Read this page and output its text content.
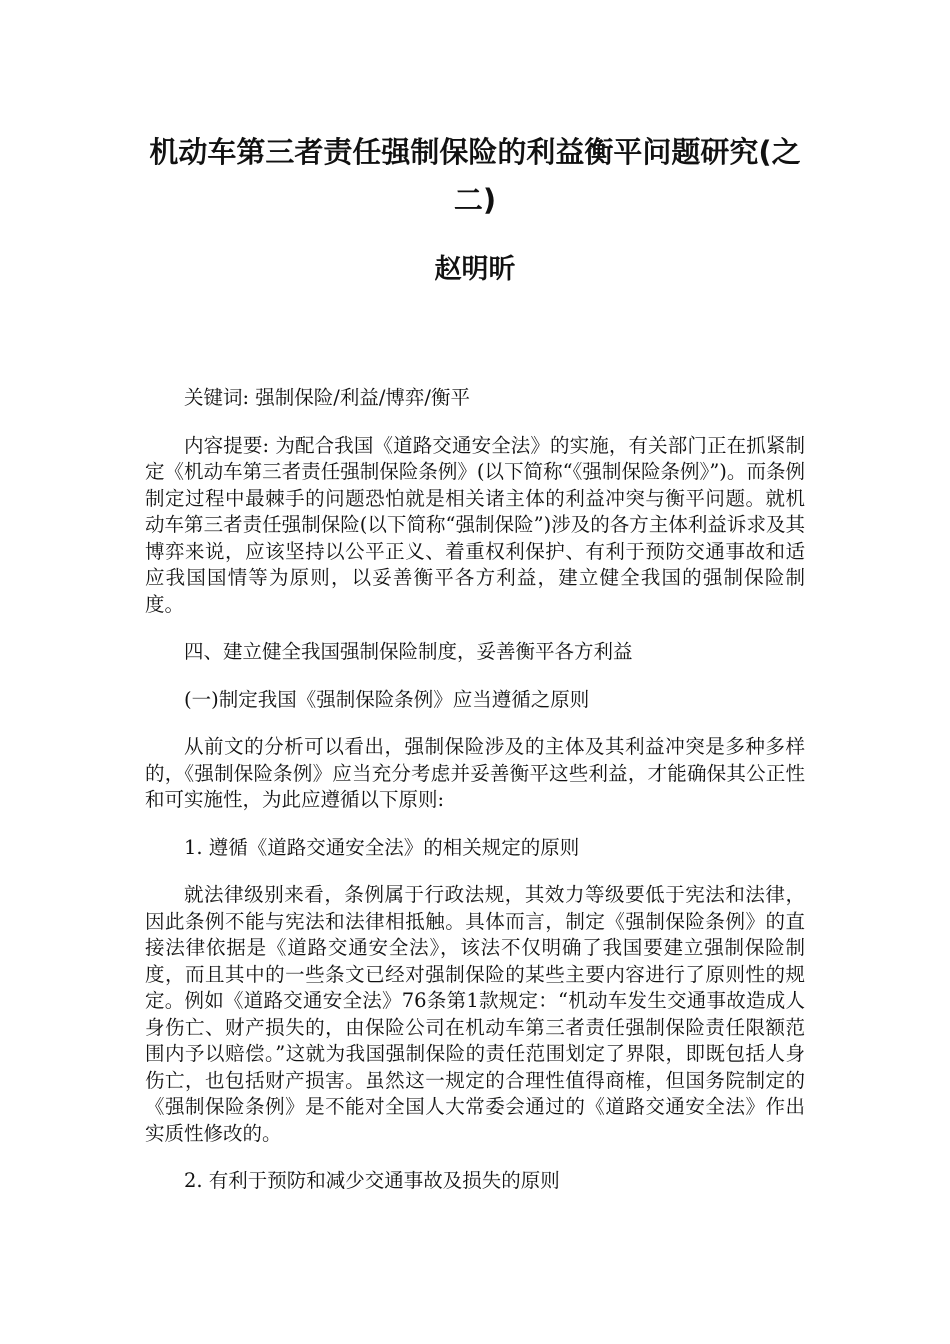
机动车第三者责任强制保险的利益衡平问题研究(之二)
赵明昕

关键词: 强制保险/利益/博弈/衡平

内容提要: 为配合我国《道路交通安全法》的实施，有关部门正在抓紧制定《机动车第三者责任强制保险条例》(以下简称“《强制保险条例》”)。而条例制定过程中最棘手的问题恐怕就是相关诸主体的利益冲突与衡平问题。就机动车第三者责任强制保险(以下简称“强制保险”)涉及的各方主体利益诉求及其博弈来说，应该坚持以公平正义、着重权利保护、有利于预防交通事故和适应我国国情等为原则，以妥善衡平各方利益，建立健全我国的强制保险制度。

四、建立健全我国强制保险制度，妥善衡平各方利益

(一)制定我国《强制保险条例》应当遵循之原则

从前文的分析可以看出，强制保险涉及的主体及其利益冲突是多种多样的，《强制保险条例》应当充分考虑并妥善衡平这些利益，才能确保其公正性和可实施性，为此应遵循以下原则:

1. 遵循《道路交通安全法》的相关规定的原则

就法律级别来看，条例属于行政法规，其效力等级要低于宪法和法律，因此条例不能与宪法和法律相抵触。具体而言，制定《强制保险条例》的直接法律依据是《道路交通安全法》，该法不仅明确了我国要建立强制保险制度，而且其中的一些条文已经对强制保险的某些主要内容进行了原则性的规定。例如《道路交通安全法》76条第1款规定：“机动车发生交通事故造成人身伤亡、财产损失的，由保险公司在机动车第三者责任强制保险责任限额范围内予以赔偿。”这就为我国强制保险的责任范围划定了界限，即既包括人身伤亡，也包括财产损害。虽然这一规定的合理性值得商榷，但国务院制定的《强制保险条例》是不能对全国人大常委会通过的《道路交通安全法》作出实质性修改的。

2. 有利于预防和减少交通事故及损失的原则
